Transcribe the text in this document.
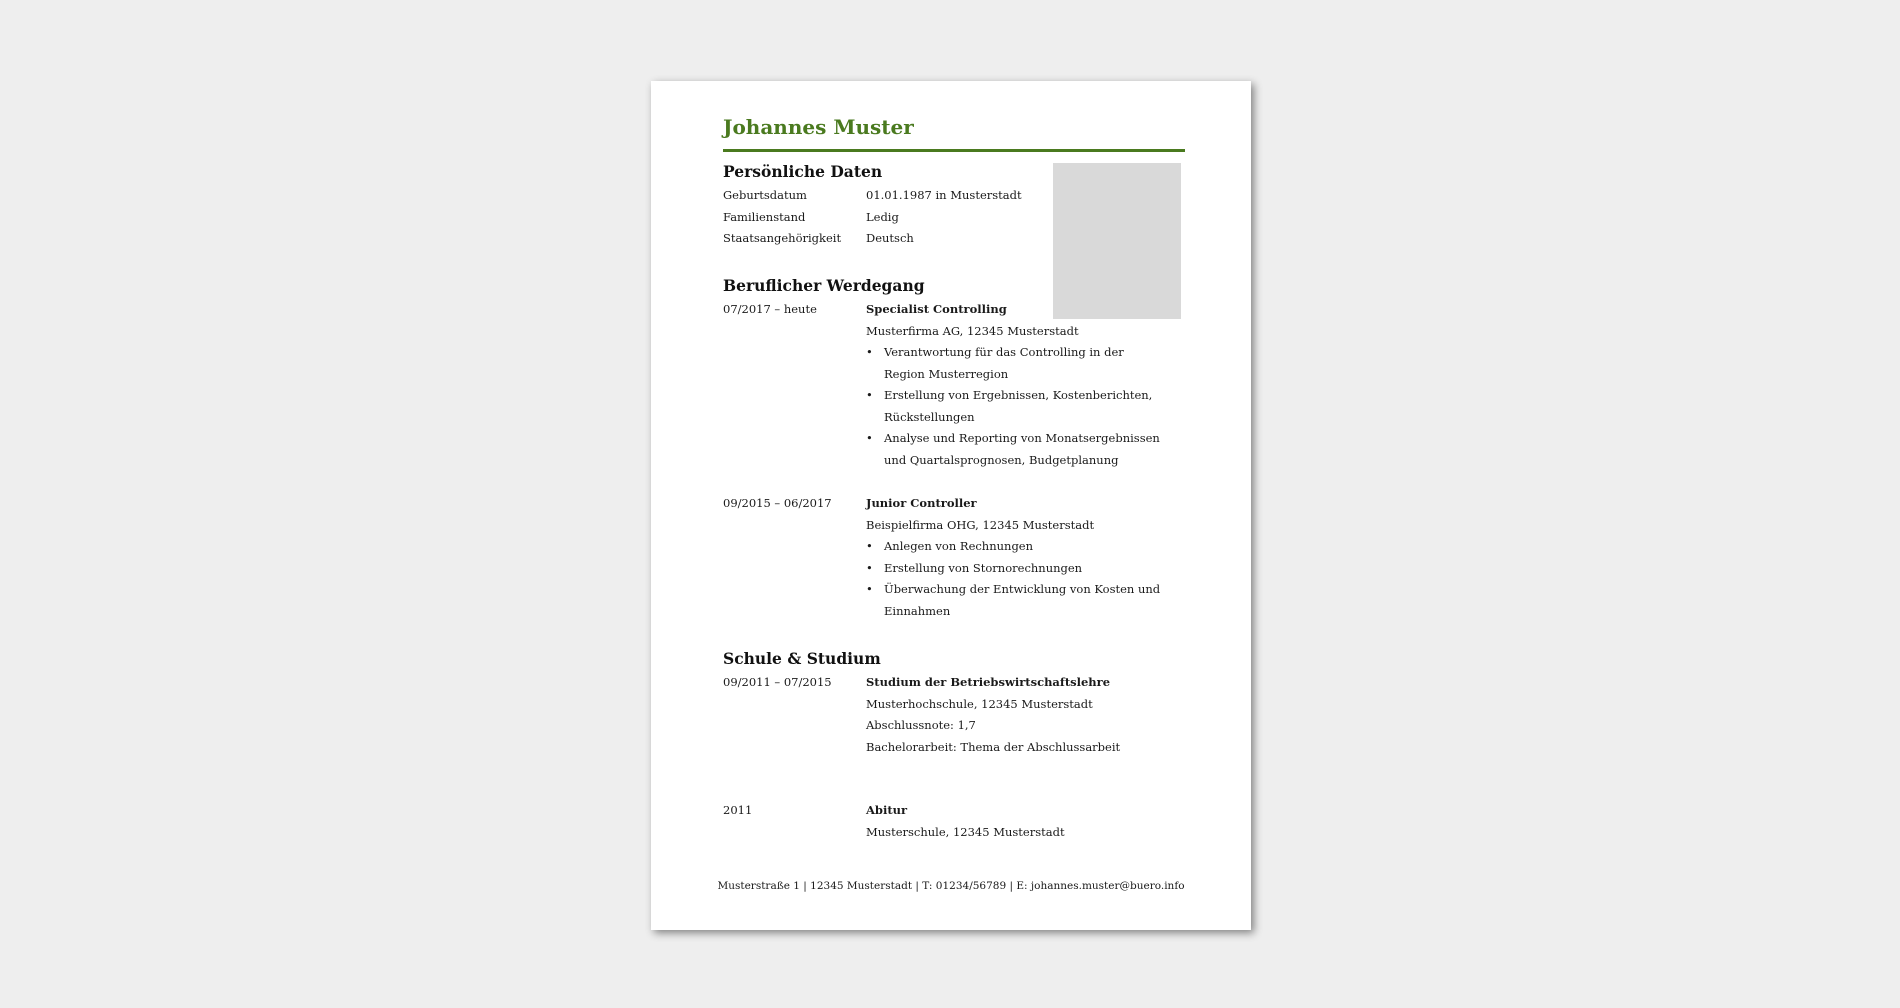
Johannes Muster
Persönliche Daten
Geburtsdatum	01.01.1987 in Musterstadt
Familienstand	Ledig
Staatsangehörigkeit	Deutsch
Beruflicher Werdegang
07/2017 – heute	Specialist Controlling
Musterfirma AG, 12345 Musterstadt
• Verantwortung für das Controlling in der Region Musterregion
• Erstellung von Ergebnissen, Kostenberichten, Rückstellungen
• Analyse und Reporting von Monatsergebnissen und Quartalsprognosen, Budgetplanung
09/2015 – 06/2017	Junior Controller
Beispielfirma OHG, 12345 Musterstadt
• Anlegen von Rechnungen
• Erstellung von Stornorechnungen
• Überwachung der Entwicklung von Kosten und Einnahmen
Schule & Studium
09/2011 – 07/2015	Studium der Betriebswirtschaftslehre
Musterhochschule, 12345 Musterstadt
Abschlussnote: 1,7
Bachelorarbeit: Thema der Abschlussarbeit
2011	Abitur
Musterschule, 12345 Musterstadt
Musterstraße 1 | 12345 Musterstadt | T: 01234/56789 | E: johannes.muster@buero.info
